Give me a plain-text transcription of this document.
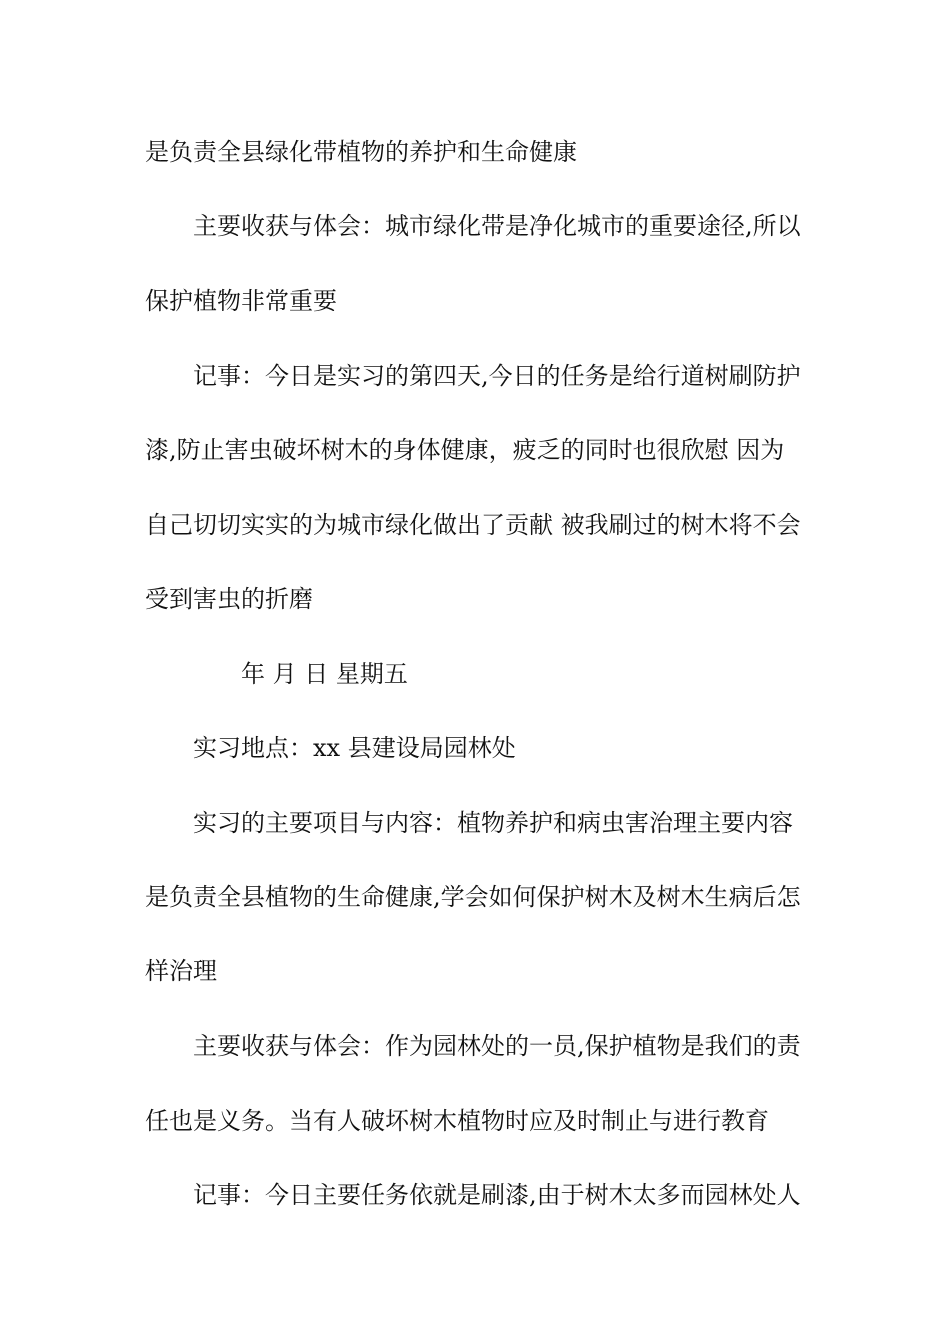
是负责全县绿化带植物的养护和生命健康
主要收获与体会：城市绿化带是净化城市的重要途径,所以
保护植物非常重要
记事：今日是实习的第四天,今日的任务是给行道树刷防护
漆,防止害虫破坏树木的身体健康，疲乏的同时也很欣慰 因为
自己切切实实的为城市绿化做出了贡献 被我刷过的树木将不会
受到害虫的折磨
年 月 日 星期五
实习地点：xx 县建设局园林处
实习的主要项目与内容：植物养护和病虫害治理主要内容
是负责全县植物的生命健康,学会如何保护树木及树木生病后怎
样治理
主要收获与体会：作为园林处的一员,保护植物是我们的责
任也是义务。当有人破坏树木植物时应及时制止与进行教育
记事：今日主要任务依就是刷漆,由于树木太多而园林处人
